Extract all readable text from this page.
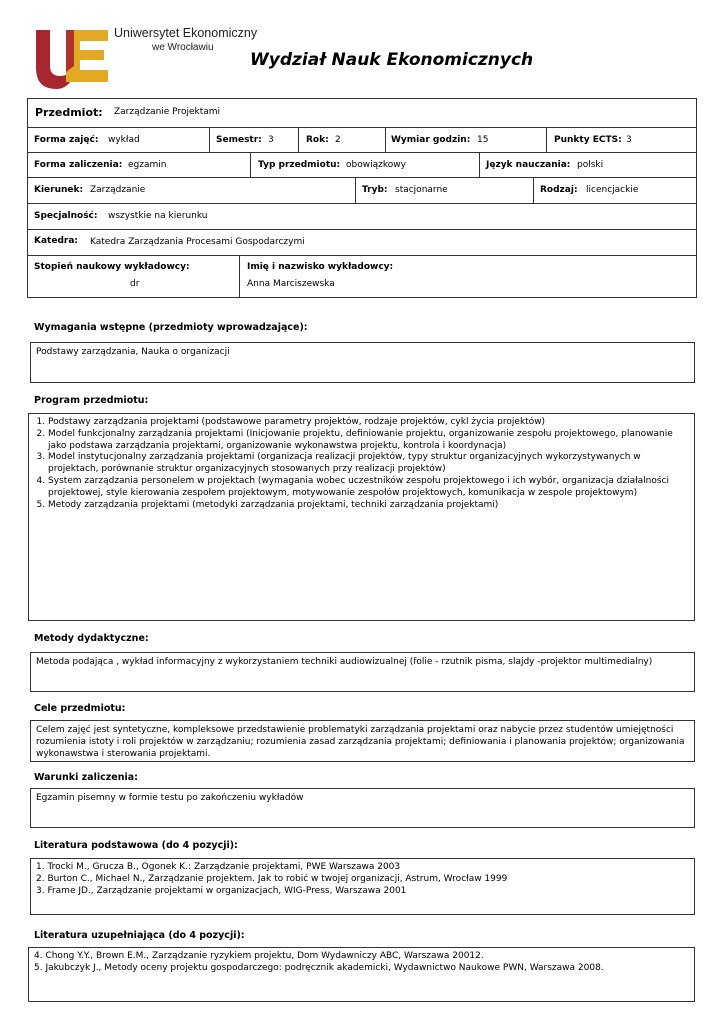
Uniwersytet Ekonomiczny
we Wrocławiu
Wydział Nauk Ekonomicznych
Przedmiot: Zarządzanie Projektami
Forma zajęć: wykład	Semestr: 3	Rok: 2	Wymiar godzin: 15	Punkty ECTS: 3
Forma zaliczenia: egzamin	Typ przedmiotu: obowiązkowy	Język nauczania: polski
Kierunek: Zarządzanie	Tryb: stacjonarne	Rodzaj: licencjackie
Specjalność: wszystkie na kierunku
Katedra: Katedra Zarządzania Procesami Gospodarczymi
Stopień naukowy wykładowcy:
dr
Imię i nazwisko wykładowcy:
Anna Marciszewska
Wymagania wstępne (przedmioty wprowadzające):
Podstawy zarządzania, Nauka o organizacji
Program przedmiotu:
1. Podstawy zarządzania projektami (podstawowe parametry projektów, rodzaje projektów, cykl życia projektów)
2. Model funkcjonalny zarządzania projektami (Inicjowanie projektu, definiowanie projektu, organizowanie zespołu projektowego, planowanie jako podstawa zarządzania projektami, organizowanie wykonawstwa projektu, kontrola i koordynacja)
3. Model instytucjonalny zarządzania projektami (organizacja realizacji projektów, typy struktur organizacyjnych wykorzystywanych w projektach, porównanie struktur organizacyjnych stosowanych przy realizacji projektów)
4. System zarządzania personelem w projektach (wymagania wobec uczestników zespołu projektowego i ich wybór, organizacja działalności projektowej, style kierowania zespołem projektowym, motywowanie zespołów projektowych, komunikacja w zespole projektowym)
5. Metody zarządzania projektami (metodyki zarządzania projektami, techniki zarządzania projektami)
Metody dydaktyczne:
Metoda podająca , wykład informacyjny z wykorzystaniem techniki audiowizualnej (folie - rzutnik pisma, slajdy -projektor multimedialny)
Cele przedmiotu:
Celem zajęć jest syntetyczne, kompleksowe przedstawienie problematyki zarządzania projektami oraz nabycie przez studentów umiejętności rozumienia istoty i roli projektów w zarządzaniu; rozumienia zasad zarządzania projektami; definiowania i planowania projektów; organizowania wykonawstwa i sterowania projektami.
Warunki zaliczenia:
Egzamin pisemny w formie testu po zakończeniu wykładów
Literatura podstawowa (do 4 pozycji):
1. Trocki M., Grucza B., Ogonek K.: Zarządzanie projektami, PWE Warszawa 2003
2. Burton C., Michael N., Zarządzanie projektem. Jak to robić w twojej organizacji, Astrum, Wrocław 1999
3. Frame JD., Zarządzanie projektami w organizacjach, WIG-Press, Warszawa 2001
Literatura uzupełniająca (do 4 pozycji):
4. Chong Y.Y., Brown E.M., Zarządzanie ryzykiem projektu, Dom Wydawniczy ABC, Warszawa 20012.
5. Jakubczyk J., Metody oceny projektu gospodarczego: podręcznik akademicki, Wydawnictwo Naukowe PWN, Warszawa 2008.
